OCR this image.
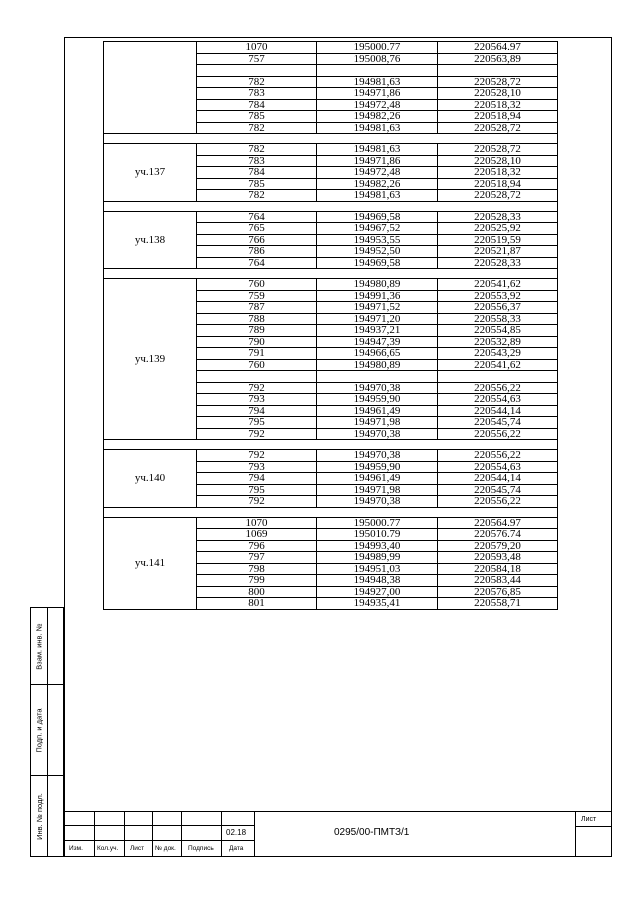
Взам. инв. №
Подп. и дата
Инв. № подл.
	1070	195000.77	220564.97
	757	195008,76	220563,89

	782	194981,63	220528,72
	783	194971,86	220528,10
	784	194972,48	220518,32
	785	194982,26	220518,94
	782	194981,63	220528,72

уч.137	782	194981,63	220528,72
	783	194971,86	220528,10
	784	194972,48	220518,32
	785	194982,26	220518,94
	782	194981,63	220528,72

уч.138	764	194969,58	220528,33
	765	194967,52	220525,92
	766	194953,55	220519,59
	786	194952,50	220521,87
	764	194969,58	220528,33

уч.139	760	194980,89	220541,62
	759	194991,36	220553,92
	787	194971,52	220556,37
	788	194971,20	220558,33
	789	194937,21	220554,85
	790	194947,39	220532,89
	791	194966,65	220543,29
	760	194980,89	220541,62

	792	194970,38	220556,22
	793	194959,90	220554,63
	794	194961,49	220544,14
	795	194971,98	220545,74
	792	194970,38	220556,22

уч.140	792	194970,38	220556,22
	793	194959,90	220554,63
	794	194961,49	220544,14
	795	194971,98	220545,74
	792	194970,38	220556,22

уч.141	1070	195000.77	220564.97
	1069	195010.79	220576.74
	796	194993,40	220579,20
	797	194989,99	220593,48
	798	194951,03	220584,18
	799	194948,38	220583,44
	800	194927,00	220576,85
	801	194935,41	220558,71
02.18
Изм. Кол.уч. Лист № док. Подпись Дата
0295/00-ПМТЗ/1
Лист
